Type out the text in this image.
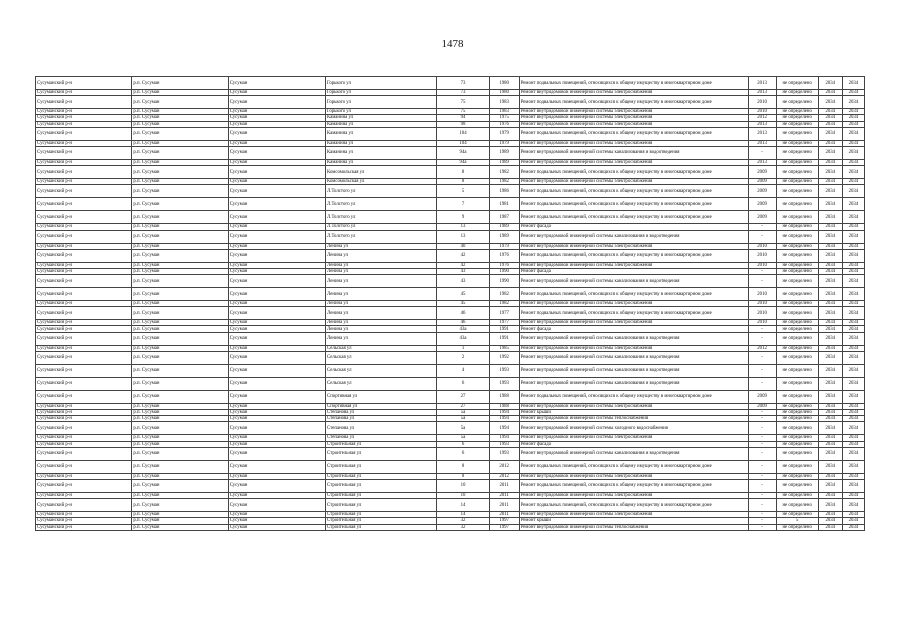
1478
Сусуманский р-н	р.п. Сусуман	Сусуман	Горького ул	73	1980	Ремонт подвальных помещений, относящихся к общему имуществу в многоквартирном доме	2013	не определено	2034	2034
Сусуманский р-н	р.п. Сусуман	Сусуман	Горького ул	73	1980	Ремонт внутридомовой инженерной системы электроснабжения	2013	не определено	2034	2034
Сусуманский р-н	р.п. Сусуман	Сусуман	Горького ул	75	1983	Ремонт подвальных помещений, относящихся к общему имуществу в многоквартирном доме	2010	не определено	2034	2034
Сусуманский р-н	р.п. Сусуман	Сусуман	Горького ул	75	1983	Ремонт внутридомовой инженерной системы электроснабжения	2010	не определено	2034	2034
Сусуманский р-н	р.п. Сусуман	Сусуман	Каманина ул	94	1975	Ремонт внутридомовой инженерной системы электроснабжения	2012	не определено	2034	2034
Сусуманский р-н	р.п. Сусуман	Сусуман	Каманина ул	98	1976	Ремонт внутридомовой инженерной системы электроснабжения	2013	не определено	2034	2034
Сусуманский р-н	р.п. Сусуман	Сусуман	Каманина ул	104	1979	Ремонт подвальных помещений, относящихся к общему имуществу в многоквартирном доме	2013	не определено	2034	2034
Сусуманский р-н	р.п. Сусуман	Сусуман	Каманина ул	104	1979	Ремонт внутридомовой инженерной системы электроснабжения	2013	не определено	2034	2034
Сусуманский р-н	р.п. Сусуман	Сусуман	Каманина ул	94а	1989	Ремонт внутридомовой инженерной системы канализования и водоотведения	-	не определено	2034	2034
Сусуманский р-н	р.п. Сусуман	Сусуман	Каманина ул	94а	1989	Ремонт внутридомовой инженерной системы электроснабжения	2013	не определено	2034	2034
Сусуманский р-н	р.п. Сусуман	Сусуман	Комсомольская ул	8	1982	Ремонт подвальных помещений, относящихся к общему имуществу в многоквартирном доме	2009	не определено	2034	2034
Сусуманский р-н	р.п. Сусуман	Сусуман	Комсомольская ул	8	1982	Ремонт внутридомовой инженерной системы электроснабжения	2009	не определено	2034	2034
Сусуманский р-н	р.п. Сусуман	Сусуман	Л.Толстого ул	5	1986	Ремонт подвальных помещений, относящихся к общему имуществу в многоквартирном доме	2009	не определено	2034	2034
Сусуманский р-н	р.п. Сусуман	Сусуман	Л.Толстого ул	7	1981	Ремонт подвальных помещений, относящихся к общему имуществу в многоквартирном доме	2009	не определено	2034	2034
Сусуманский р-н	р.п. Сусуман	Сусуман	Л.Толстого ул	9	1987	Ремонт подвальных помещений, относящихся к общему имуществу в многоквартирном доме	2009	не определено	2034	2034
Сусуманский р-н	р.п. Сусуман	Сусуман	Л.Толстого ул	13	1989	Ремонт фасада	-	не определено	2034	2034
Сусуманский р-н	р.п. Сусуман	Сусуман	Л.Толстого ул	13	1989	Ремонт внутридомовой инженерной системы канализования и водоотведения	-	не определено	2034	2034
Сусуманский р-н	р.п. Сусуман	Сусуман	Ленина ул	40	1979	Ремонт внутридомовой инженерной системы электроснабжения	2010	не определено	2034	2034
Сусуманский р-н	р.п. Сусуман	Сусуман	Ленина ул	42	1976	Ремонт подвальных помещений, относящихся к общему имуществу в многоквартирном доме	2010	не определено	2034	2034
Сусуманский р-н	р.п. Сусуман	Сусуман	Ленина ул	42	1976	Ремонт внутридомовой инженерной системы электроснабжения	2010	не определено	2034	2034
Сусуманский р-н	р.п. Сусуман	Сусуман	Ленина ул	43	1990	Ремонт фасада	-	не определено	2034	2034
Сусуманский р-н	р.п. Сусуман	Сусуман	Ленина ул	43	1990	Ремонт внутридомовой инженерной системы канализования и водоотведения	-	не определено	2034	2034
Сусуманский р-н	р.п. Сусуман	Сусуман	Ленина ул	45	1982	Ремонт подвальных помещений, относящихся к общему имуществу в многоквартирном доме	2010	не определено	2034	2034
Сусуманский р-н	р.п. Сусуман	Сусуман	Ленина ул	45	1982	Ремонт внутридомовой инженерной системы электроснабжения	2010	не определено	2034	2034
Сусуманский р-н	р.п. Сусуман	Сусуман	Ленина ул	46	1977	Ремонт подвальных помещений, относящихся к общему имуществу в многоквартирном доме	2010	не определено	2034	2034
Сусуманский р-н	р.п. Сусуман	Сусуман	Ленина ул	46	1977	Ремонт внутридомовой инженерной системы электроснабжения	2010	не определено	2034	2034
Сусуманский р-н	р.п. Сусуман	Сусуман	Ленина ул	43а	1991	Ремонт фасада	-	не определено	2034	2034
Сусуманский р-н	р.п. Сусуман	Сусуман	Ленина ул	43а	1991	Ремонт внутридомовой инженерной системы канализования и водоотведения	-	не определено	2034	2034
Сусуманский р-н	р.п. Сусуман	Сусуман	Сельская ул	1	1985	Ремонт внутридомовой инженерной системы электроснабжения	2012	не определено	2034	2034
Сусуманский р-н	р.п. Сусуман	Сусуман	Сельская ул	2	1992	Ремонт внутридомовой инженерной системы канализования и водоотведения	-	не определено	2034	2034
Сусуманский р-н	р.п. Сусуман	Сусуман	Сельская ул	4	1993	Ремонт внутридомовой инженерной системы канализования и водоотведения	-	не определено	2034	2034
Сусуманский р-н	р.п. Сусуман	Сусуман	Сельская ул	6	1993	Ремонт внутридомовой инженерной системы канализования и водоотведения	-	не определено	2034	2034
Сусуманский р-н	р.п. Сусуман	Сусуман	Спортивная ул	27	1988	Ремонт подвальных помещений, относящихся к общему имуществу в многоквартирном доме	2009	не определено	2034	2034
Сусуманский р-н	р.п. Сусуман	Сусуман	Спортивная ул	27	1988	Ремонт внутридомовой инженерной системы электроснабжения	2009	не определено	2034	2034
Сусуманский р-н	р.п. Сусуман	Сусуман	Степанова ул	5а	1994	Ремонт крыши	-	не определено	2034	2034
Сусуманский р-н	р.п. Сусуман	Сусуман	Степанова ул	5а	1994	Ремонт внутридомовой инженерной системы теплоснабжения	-	не определено	2034	2034
Сусуманский р-н	р.п. Сусуман	Сусуман	Степанова ул	5а	1994	Ремонт внутридомовой инженерной системы холодного водоснабжения	-	не определено	2034	2034
Сусуманский р-н	р.п. Сусуман	Сусуман	Степанова ул	5а	1994	Ремонт внутридомовой инженерной системы электроснабжения	-	не определено	2034	2034
Сусуманский р-н	р.п. Сусуман	Сусуман	Строительная ул	6	1993	Ремонт фасада	-	не определено	2034	2034
Сусуманский р-н	р.п. Сусуман	Сусуман	Строительная ул	6	1993	Ремонт внутридомовой инженерной системы канализования и водоотведения	-	не определено	2034	2034
Сусуманский р-н	р.п. Сусуман	Сусуман	Строительная ул	8	2012	Ремонт подвальных помещений, относящихся к общему имуществу в многоквартирном доме	-	не определено	2034	2034
Сусуманский р-н	р.п. Сусуман	Сусуман	Строительная ул	8	2012	Ремонт внутридомовой инженерной системы электроснабжения	-	не определено	2034	2034
Сусуманский р-н	р.п. Сусуман	Сусуман	Строительная ул	10	2011	Ремонт подвальных помещений, относящихся к общему имуществу в многоквартирном доме	-	не определено	2034	2034
Сусуманский р-н	р.п. Сусуман	Сусуман	Строительная ул	10	2011	Ремонт внутридомовой инженерной системы электроснабжения	-	не определено	2034	2034
Сусуманский р-н	р.п. Сусуман	Сусуман	Строительная ул	14	2011	Ремонт подвальных помещений, относящихся к общему имуществу в многоквартирном доме	-	не определено	2034	2034
Сусуманский р-н	р.п. Сусуман	Сусуман	Строительная ул	14	2011	Ремонт внутридомовой инженерной системы электроснабжения	-	не определено	2034	2034
Сусуманский р-н	р.п. Сусуман	Сусуман	Строительная ул	32	1997	Ремонт крыши	-	5	2034	2034
Сусуманский р-н	р.п. Сусуман	Сусуман	Строительная ул	32	1997	Ремонт внутридомовой инженерной системы теплоснабжения	-	не определено	2034	2034
